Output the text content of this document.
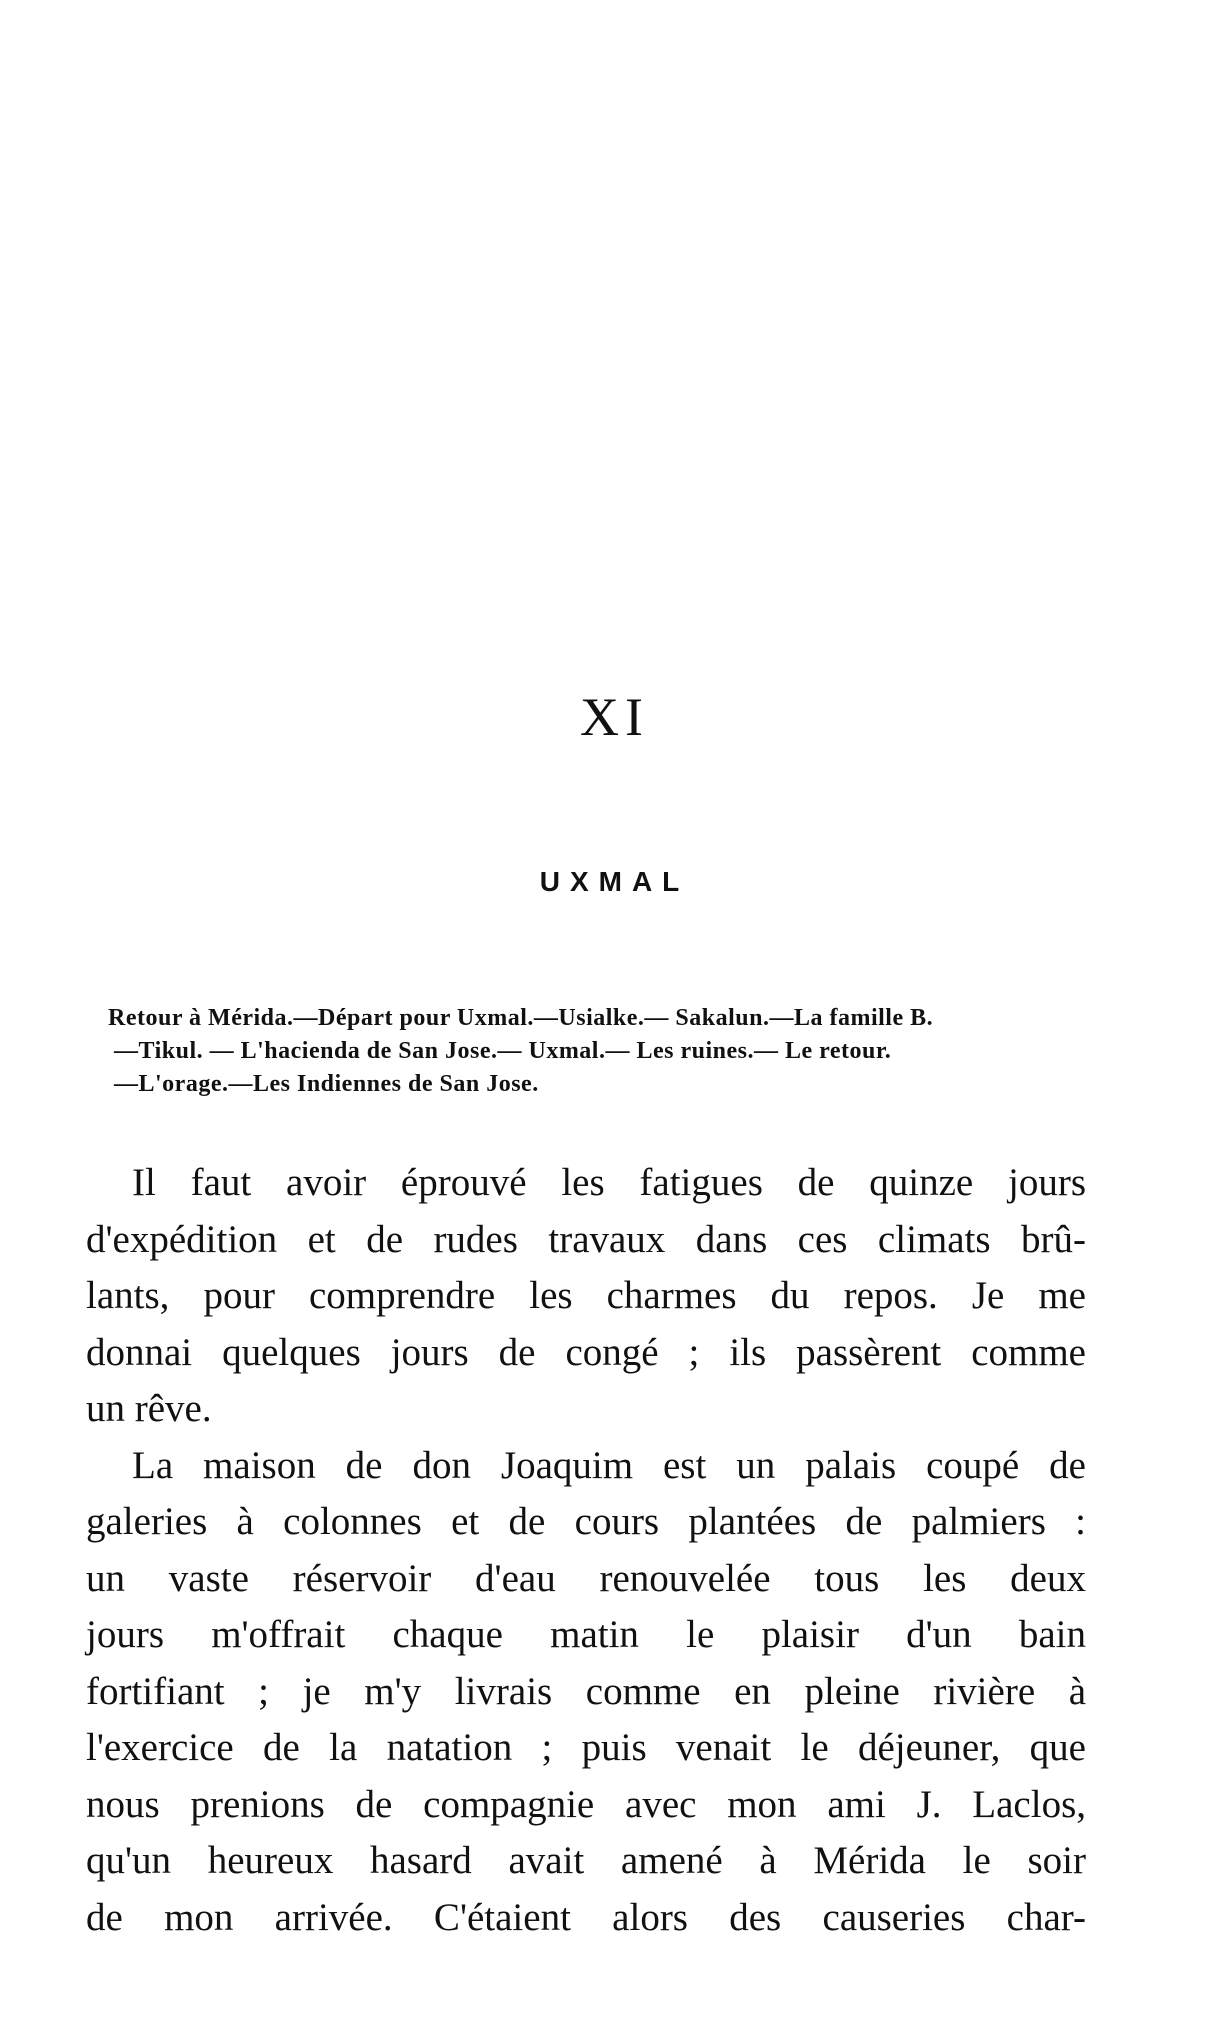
XI
UXMAL
Retour à Mérida.—Départ pour Uxmal.—Usialke.— Sakalun.—La famille B.
—Tikul. — L'hacienda de San Jose.— Uxmal.— Les ruines.— Le retour.
—L'orage.—Les Indiennes de San Jose.
Il faut avoir éprouvé les fatigues de quinze jours
d'expédition et de rudes travaux dans ces climats brû-
lants, pour comprendre les charmes du repos. Je me
donnai quelques jours de congé ; ils passèrent comme
un rêve.
La maison de don Joaquim est un palais coupé de
galeries à colonnes et de cours plantées de palmiers :
un vaste réservoir d'eau renouvelée tous les deux
jours m'offrait chaque matin le plaisir d'un bain
fortifiant ; je m'y livrais comme en pleine rivière à
l'exercice de la natation ; puis venait le déjeuner, que
nous prenions de compagnie avec mon ami J. Laclos,
qu'un heureux hasard avait amené à Mérida le soir
de mon arrivée. C'étaient alors des causeries char-
